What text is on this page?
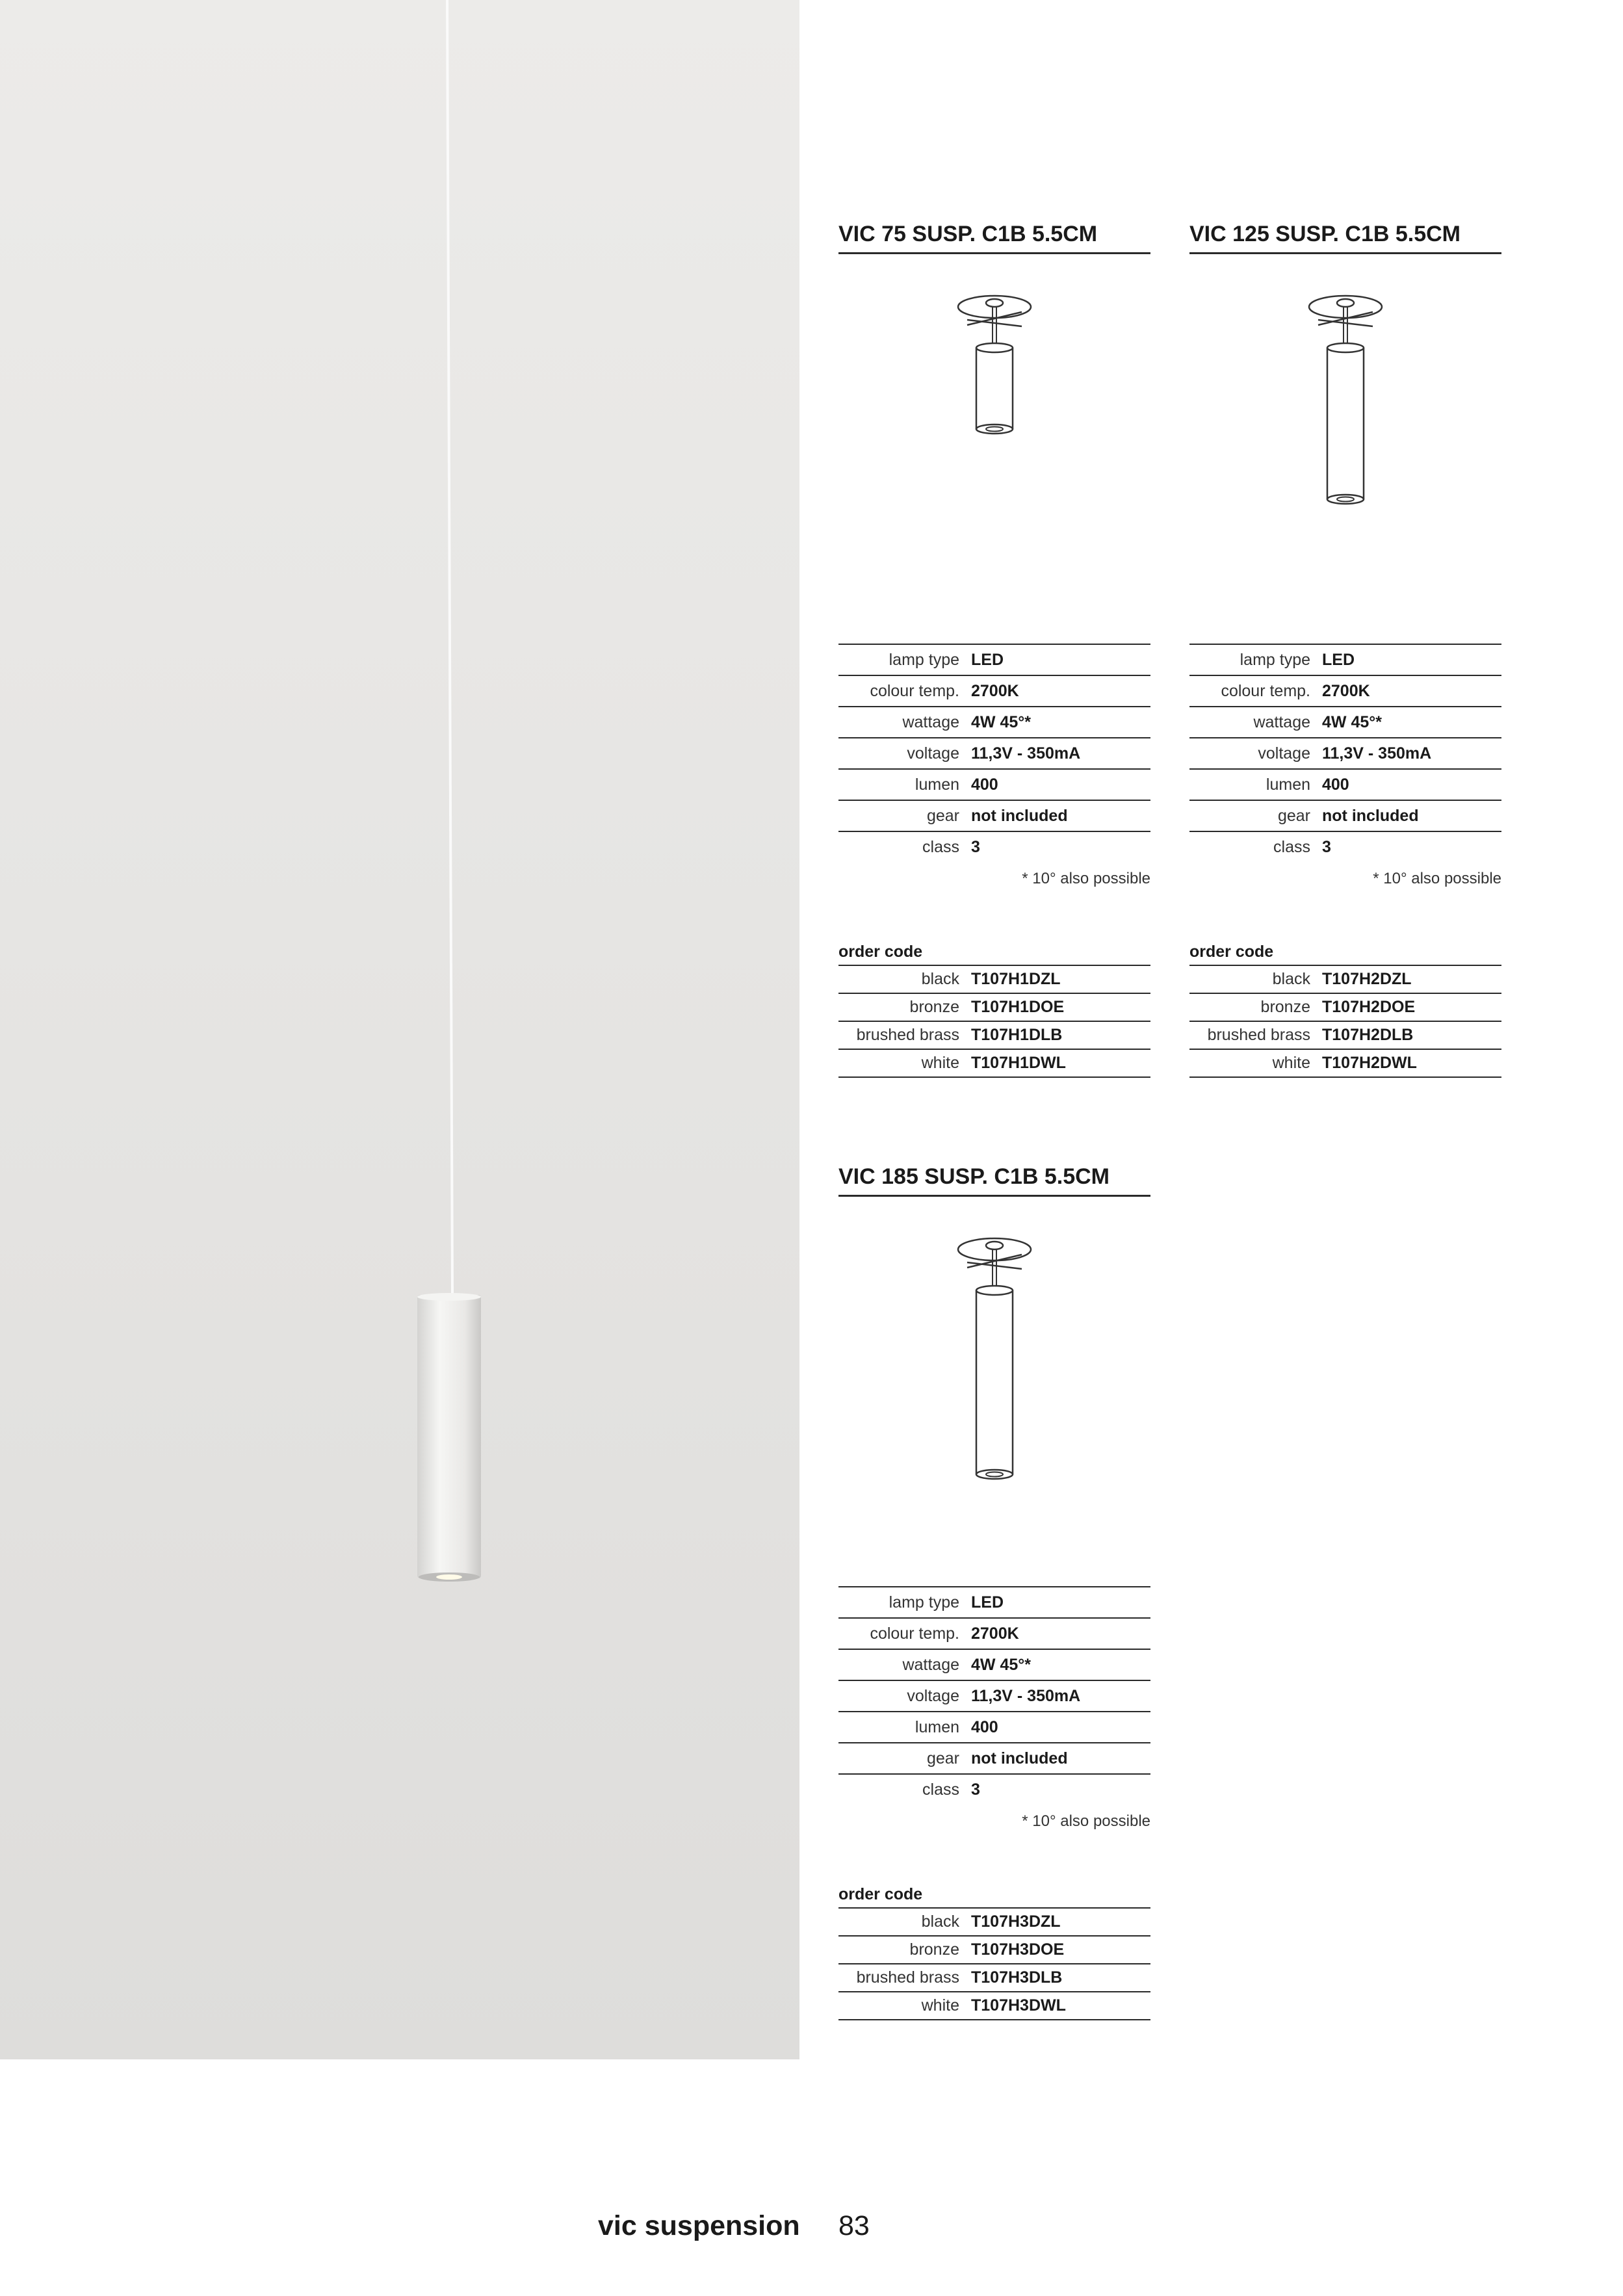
VIC 75 SUSP. C1B 5.5CM
lamp type LED
colour temp. 2700K
wattage 4W 45°*
voltage 11,3V - 350mA
lumen 400
gear not included
class 3
* 10° also possible
order code
black T107H1DZL
bronze T107H1DOE
brushed brass T107H1DLB
white T107H1DWL
VIC 125 SUSP. C1B 5.5CM
lamp type LED
colour temp. 2700K
wattage 4W 45°*
voltage 11,3V - 350mA
lumen 400
gear not included
class 3
* 10° also possible
order code
black T107H2DZL
bronze T107H2DOE
brushed brass T107H2DLB
white T107H2DWL
VIC 185 SUSP. C1B 5.5CM
lamp type LED
colour temp. 2700K
wattage 4W 45°*
voltage 11,3V - 350mA
lumen 400
gear not included
class 3
* 10° also possible
order code
black T107H3DZL
bronze T107H3DOE
brushed brass T107H3DLB
white T107H3DWL
vic suspension 83
